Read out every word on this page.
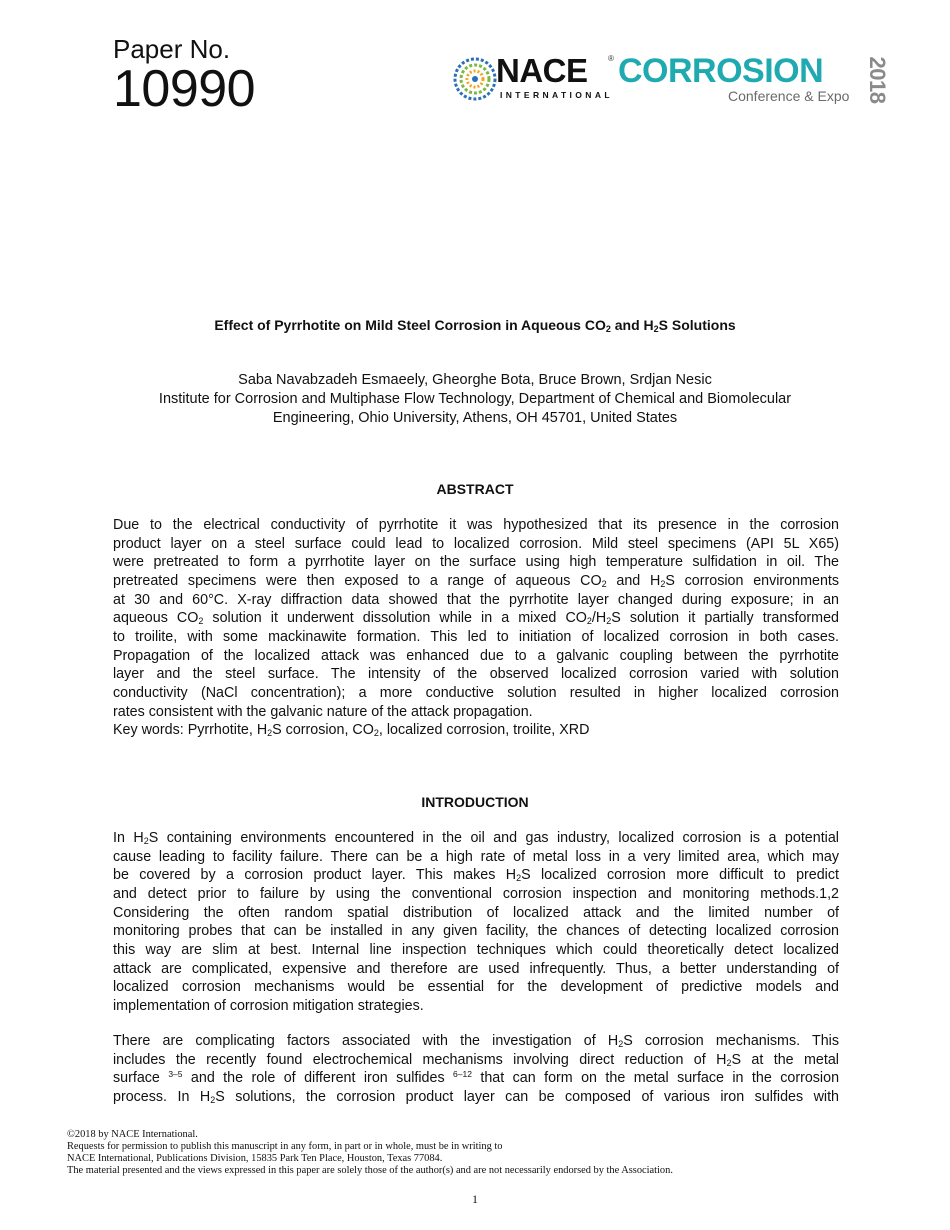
Paper No.
10990	NACE	®
INTERNATIONAL
CORROSION
Conference & Expo 2018
Effect of Pyrrhotite on Mild Steel Corrosion in Aqueous $CO_2$ and $H_2S$ Solutions
Saba Navabzadeh Esmaeely, Gheorghe Bota, Bruce Brown, Srdjan Nesic
Institute for Corrosion and Multiphase Flow Technology, Department of Chemical and Biomolecular
Engineering, Ohio University, Athens, OH 45701, United States
ABSTRACT
Due to the electrical conductivity of pyrrhotite it was hypothesized that its presence in the corrosion
product layer on a steel surface could lead to localized corrosion. Mild steel specimens (API 5L X65)
were pretreated to form a pyrrhotite layer on the surface using high temperature sulfidation in oil. The
pretreated specimens were then exposed to a range of aqueous $CO_2$ and $H_2S$ corrosion environments
at 30 and 60°C. X-ray diffraction data showed that the pyrrhotite layer changed during exposure; in an
aqueous $CO_2$ solution it underwent dissolution while in a mixed $CO_2/H_2S$ solution it partially transformed
to troilite, with some mackinawite formation. This led to initiation of localized corrosion in both cases.
Propagation of the localized attack was enhanced due to a galvanic coupling between the pyrrhotite
layer and the steel surface. The intensity of the observed localized corrosion varied with solution
conductivity (NaCl concentration); a more conductive solution resulted in higher localized corrosion
rates consistent with the galvanic nature of the attack propagation.
Key words: Pyrrhotite, $H_2S$ corrosion, $CO_2$, localized corrosion, troilite, XRD
INTRODUCTION
In $H_2S$ containing environments encountered in the oil and gas industry, localized corrosion is a potential
cause leading to facility failure. There can be a high rate of metal loss in a very limited area, which may
be covered by a corrosion product layer. This makes $H_2S$ localized corrosion more difficult to predict
and detect prior to failure by using the conventional corrosion inspection and monitoring methods.1,2
Considering the often random spatial distribution of localized attack and the limited number of
monitoring probes that can be installed in any given facility, the chances of detecting localized corrosion
this way are slim at best. Internal line inspection techniques which could theoretically detect localized
attack are complicated, expensive and therefore are used infrequently. Thus, a better understanding of
localized corrosion mechanisms would be essential for the development of predictive models and
implementation of corrosion mitigation strategies.
There are complicating factors associated with the investigation of $H_2S$ corrosion mechanisms. This
includes the recently found electrochemical mechanisms involving direct reduction of $H_2S$ at the metal
surface $^{3-5}$ and the role of different iron sulfides $^{6-12}$ that can form on the metal surface in the corrosion
process. In $H_2S$ solutions, the corrosion product layer can be composed of various iron sulfides with
©2018 by NACE International.
Requests for permission to publish this manuscript in any form, in part or in whole, must be in writing to
NACE International, Publications Division, 15835 Park Ten Place, Houston, Texas 77084.
The material presented and the views expressed in this paper are solely those of the author(s) and are not necessarily endorsed by the Association.
1
